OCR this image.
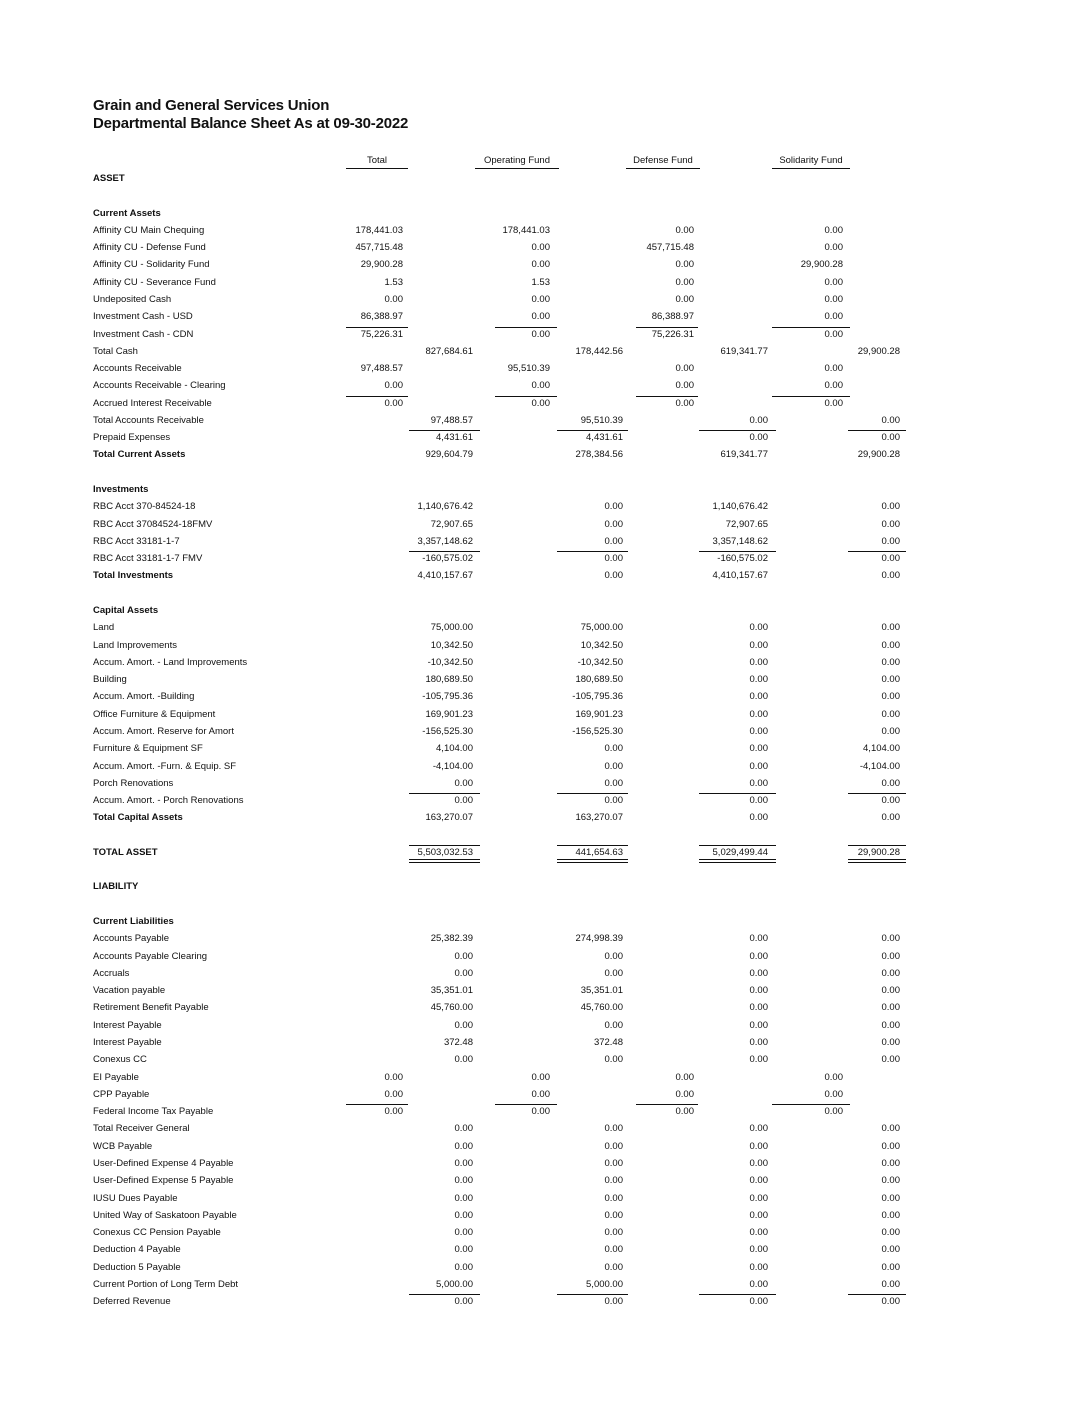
Grain and General Services Union
Departmental Balance Sheet As at 09-30-2022
Total	Operating Fund	Defense Fund	Solidarity Fund
ASSET
Current Assets
Affinity CU Main Chequing	178,441.03	178,441.03	0.00	0.00
Affinity CU - Defense Fund	457,715.48	0.00	457,715.48	0.00
Affinity CU - Solidarity Fund	29,900.28	0.00	0.00	29,900.28
Affinity CU - Severance Fund	1.53	1.53	0.00	0.00
Undeposited Cash	0.00	0.00	0.00	0.00
Investment Cash - USD	86,388.97	0.00	86,388.97	0.00
Investment Cash - CDN	75,226.31	0.00	75,226.31	0.00
Total Cash	827,684.61	178,442.56	619,341.77	29,900.28
Accounts Receivable	97,488.57	95,510.39	0.00	0.00
Accounts Receivable - Clearing	0.00	0.00	0.00	0.00
Accrued Interest Receivable	0.00	0.00	0.00	0.00
Total Accounts Receivable	97,488.57	95,510.39	0.00	0.00
Prepaid Expenses	4,431.61	4,431.61	0.00	0.00
Total Current Assets	929,604.79	278,384.56	619,341.77	29,900.28
Investments
RBC Acct 370-84524-18	1,140,676.42	0.00	1,140,676.42	0.00
RBC Acct 37084524-18FMV	72,907.65	0.00	72,907.65	0.00
RBC Acct 33181-1-7	3,357,148.62	0.00	3,357,148.62	0.00
RBC Acct 33181-1-7 FMV	-160,575.02	0.00	-160,575.02	0.00
Total Investments	4,410,157.67	0.00	4,410,157.67	0.00
Capital Assets
Land	75,000.00	75,000.00	0.00	0.00
Land Improvements	10,342.50	10,342.50	0.00	0.00
Accum. Amort. - Land Improvements	-10,342.50	-10,342.50	0.00	0.00
Building	180,689.50	180,689.50	0.00	0.00
Accum. Amort. -Building	-105,795.36	-105,795.36	0.00	0.00
Office Furniture & Equipment	169,901.23	169,901.23	0.00	0.00
Accum. Amort. Reserve for Amort	-156,525.30	-156,525.30	0.00	0.00
Furniture & Equipment SF	4,104.00	0.00	0.00	4,104.00
Accum. Amort. -Furn. & Equip. SF	-4,104.00	0.00	0.00	-4,104.00
Porch Renovations	0.00	0.00	0.00	0.00
Accum. Amort. - Porch Renovations	0.00	0.00	0.00	0.00
Total Capital Assets	163,270.07	163,270.07	0.00	0.00
TOTAL ASSET	5,503,032.53	441,654.63	5,029,499.44	29,900.28
LIABILITY
Current Liabilities
Accounts Payable	25,382.39	274,998.39	0.00	0.00
Accounts Payable Clearing	0.00	0.00	0.00	0.00
Accruals	0.00	0.00	0.00	0.00
Vacation payable	35,351.01	35,351.01	0.00	0.00
Retirement Benefit Payable	45,760.00	45,760.00	0.00	0.00
Interest Payable	0.00	0.00	0.00	0.00
Interest Payable	372.48	372.48	0.00	0.00
Conexus CC	0.00	0.00	0.00	0.00
EI Payable	0.00	0.00	0.00	0.00
CPP Payable	0.00	0.00	0.00	0.00
Federal Income Tax Payable	0.00	0.00	0.00	0.00
Total Receiver General	0.00	0.00	0.00	0.00
WCB Payable	0.00	0.00	0.00	0.00
User-Defined Expense 4 Payable	0.00	0.00	0.00	0.00
User-Defined Expense 5 Payable	0.00	0.00	0.00	0.00
IUSU Dues Payable	0.00	0.00	0.00	0.00
United Way of Saskatoon Payable	0.00	0.00	0.00	0.00
Conexus CC Pension Payable	0.00	0.00	0.00	0.00
Deduction 4 Payable	0.00	0.00	0.00	0.00
Deduction 5 Payable	0.00	0.00	0.00	0.00
Current Portion of Long Term Debt	5,000.00	5,000.00	0.00	0.00
Deferred Revenue	0.00	0.00	0.00	0.00
